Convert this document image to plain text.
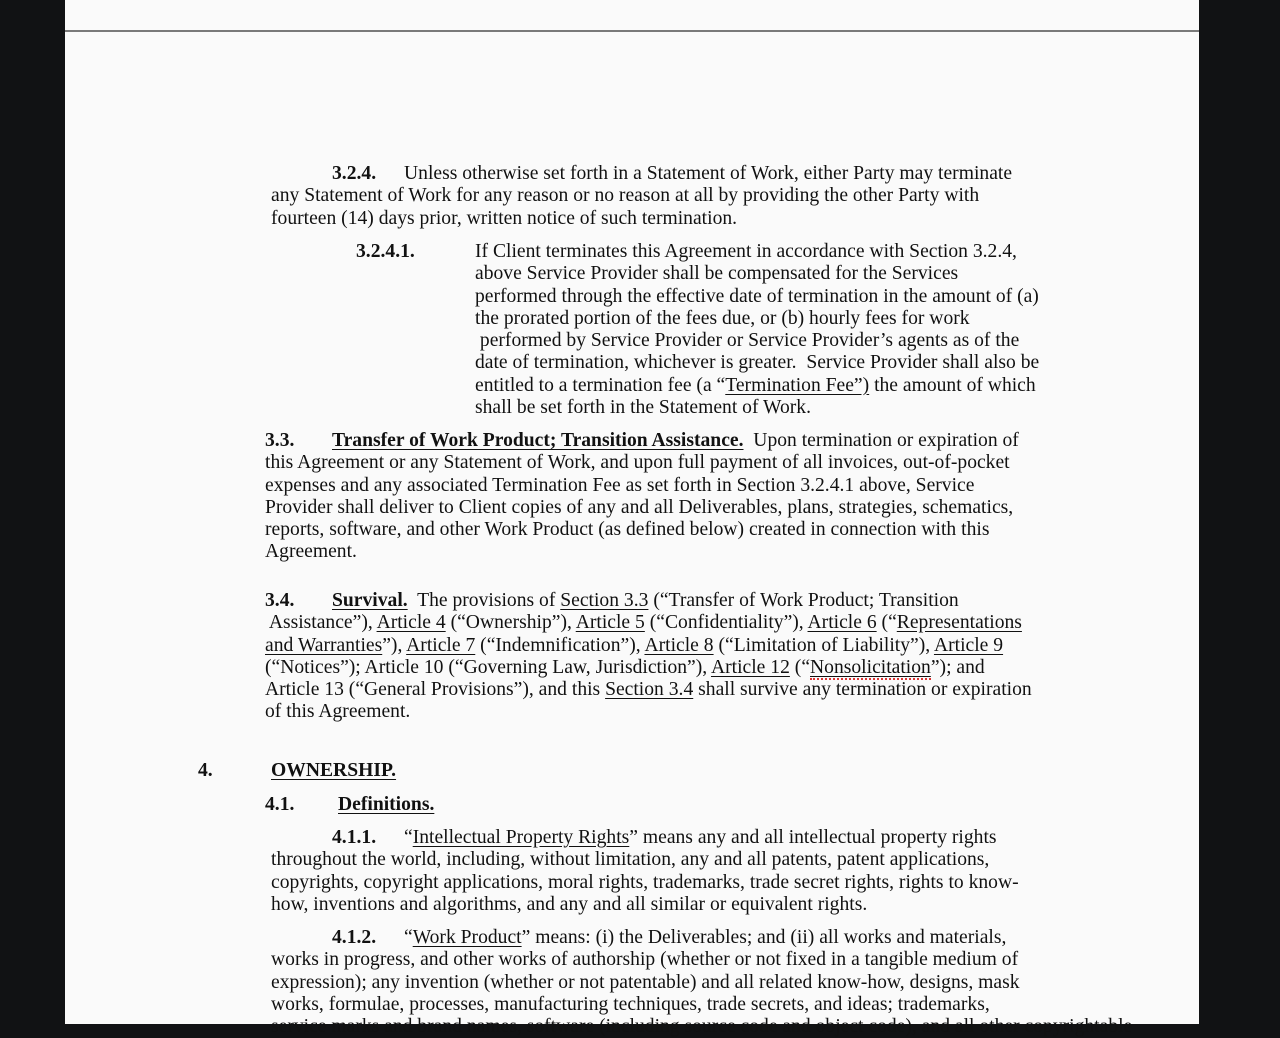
3.2.4.	Unless otherwise set forth in a Statement of Work, either Party may terminate
any Statement of Work for any reason or no reason at all by providing the other Party with
fourteen (14) days prior, written notice of such termination.
3.2.4.1.	If Client terminates this Agreement in accordance with Section 3.2.4,
above Service Provider shall be compensated for the Services
performed through the effective date of termination in the amount of (a)
the prorated portion of the fees due, or (b) hourly fees for work
performed by Service Provider or Service Provider’s agents as of the
date of termination, whichever is greater.  Service Provider shall also be
entitled to a termination fee (a “Termination Fee”) the amount of which
shall be set forth in the Statement of Work.
3.3.	Transfer of Work Product; Transition Assistance.  Upon termination or expiration of
this Agreement or any Statement of Work, and upon full payment of all invoices, out-of-pocket
expenses and any associated Termination Fee as set forth in Section 3.2.4.1 above, Service
Provider shall deliver to Client copies of any and all Deliverables, plans, strategies, schematics,
reports, software, and other Work Product (as defined below) created in connection with this
Agreement.
3.4.	Survival.  The provisions of Section 3.3 (“Transfer of Work Product; Transition
Assistance”), Article 4 (“Ownership”), Article 5 (“Confidentiality”), Article 6 (“Representations
and Warranties”), Article 7 (“Indemnification”), Article 8 (“Limitation of Liability”), Article 9
(“Notices”); Article 10 (“Governing Law, Jurisdiction”), Article 12 (“Nonsolicitation”); and
Article 13 (“General Provisions”), and this Section 3.4 shall survive any termination or expiration
of this Agreement.
4.	OWNERSHIP.
4.1. Definitions.
4.1.1.	“Intellectual Property Rights” means any and all intellectual property rights
throughout the world, including, without limitation, any and all patents, patent applications,
copyrights, copyright applications, moral rights, trademarks, trade secret rights, rights to know-
how, inventions and algorithms, and any and all similar or equivalent rights.
4.1.2.	“Work Product” means: (i) the Deliverables; and (ii) all works and materials,
works in progress, and other works of authorship (whether or not fixed in a tangible medium of
expression); any invention (whether or not patentable) and all related know-how, designs, mask
works, formulae, processes, manufacturing techniques, trade secrets, and ideas; trademarks,
service marks and brand names, software (including source code and object code), and all other copyrightable
